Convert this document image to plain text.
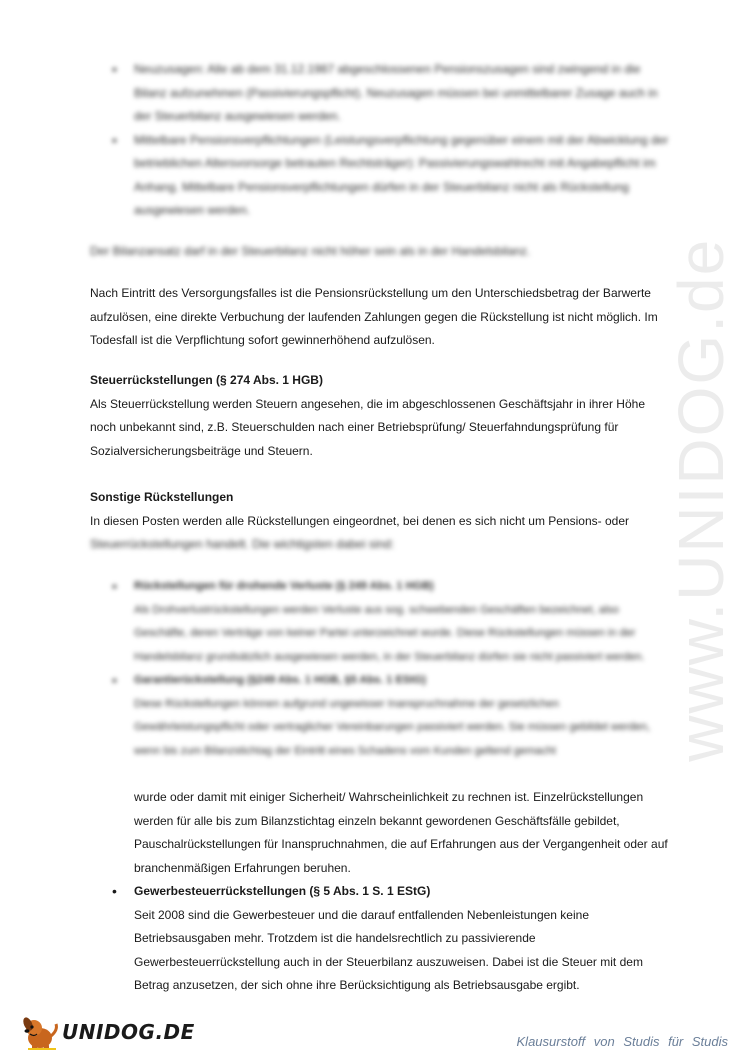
www.UNIDOG.de

• Neuzusagen: Alle ab dem 31.12.1987 abgeschlossenen Pensionszusagen sind zwingend in die Bilanz aufzunehmen (Passivierungspflicht). Neuzusagen müssen bei unmittelbarer Zusage auch in der Steuerbilanz ausgewiesen werden.

• Mittelbare Pensionsverpflichtungen (Leistungsverpflichtung gegenüber einem mit der Abwicklung der betrieblichen Altersvorsorge betrauten Rechtsträger): Passivierungswahlrecht mit Angabepflicht im Anhang. Mittelbare Pensionsverpflichtungen dürfen in der Steuerbilanz nicht als Rückstellung ausgewiesen werden.

Der Bilanzansatz darf in der Steuerbilanz nicht höher sein als in der Handelsbilanz.

Nach Eintritt des Versorgungsfalles ist die Pensionsrückstellung um den Unterschiedsbetrag der Barwerte aufzulösen, eine direkte Verbuchung der laufenden Zahlungen gegen die Rückstellung ist nicht möglich. Im Todesfall ist die Verpflichtung sofort gewinnerhöhend aufzulösen.

Steuerrückstellungen (§ 274 Abs. 1 HGB)
Als Steuerrückstellung werden Steuern angesehen, die im abgeschlossenen Geschäftsjahr in ihrer Höhe noch unbekannt sind, z.B. Steuerschulden nach einer Betriebsprüfung/ Steuerfahndungsprüfung für Sozialversicherungsbeiträge und Steuern.
Sonstige Rückstellungen
In diesen Posten werden alle Rückstellungen eingeordnet, bei denen es sich nicht um Pensions- oder
Steuerrückstellungen handelt. Die wichtigsten dabei sind:
• Rückstellungen für drohende Verluste (§ 249 Abs. 1 HGB)
Als Drohverlustrückstellungen werden Verluste aus sog. schwebenden Geschäften bezeichnet, also Geschäfte, deren Verträge von keiner Partei unterzeichnet wurde. Diese Rückstellungen müssen in der Handelsbilanz grundsätzlich ausgewiesen werden, in der Steuerbilanz dürfen sie nicht passiviert werden.
• Garantierückstellung (§249 Abs. 1 HGB, §5 Abs. 1 EStG)
Diese Rückstellungen können aufgrund ungewisser Inanspruchnahme der gesetzlichen Gewährleistungspflicht oder vertraglicher Vereinbarungen passiviert werden. Sie müssen gebildet werden, wenn bis zum Bilanzstichtag der Eintritt eines Schadens vom Kunden geltend gemacht
wurde oder damit mit einiger Sicherheit/ Wahrscheinlichkeit zu rechnen ist. Einzelrückstellungen werden für alle bis zum Bilanzstichtag einzeln bekannt gewordenen Geschäftsfälle gebildet, Pauschalrückstellungen für Inanspruchnahmen, die auf Erfahrungen aus der Vergangenheit oder auf branchenmäßigen Erfahrungen beruhen.
• Gewerbesteuerrückstellungen (§ 5 Abs. 1 S. 1 EStG)
Seit 2008 sind die Gewerbesteuer und die darauf entfallenden Nebenleistungen keine Betriebsausgaben mehr. Trotzdem ist die handelsrechtlich zu passivierende Gewerbesteuerrückstellung auch in der Steuerbilanz auszuweisen. Dabei ist die Steuer mit dem Betrag anzusetzen, der sich ohne ihre Berücksichtigung als Betriebsausgabe ergibt.
UNIDOG.DE	Klausurstoff von Studis für Studis
